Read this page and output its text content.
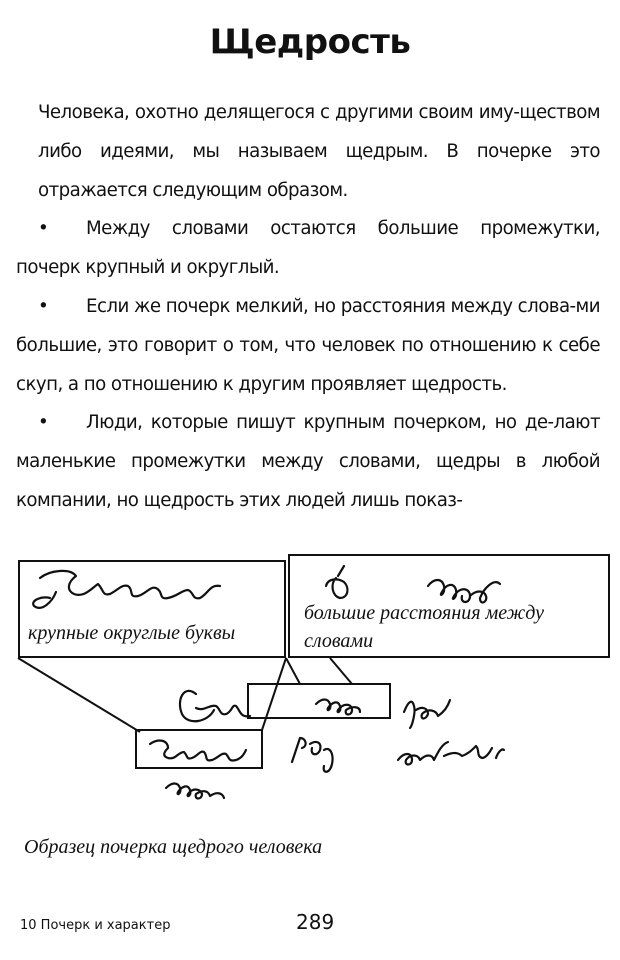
Щедрость

Человека, охотно делящегося с другими своим иму-ществом либо идеями, мы называем щедрым. В почерке это отражается следующим образом.

• Между словами остаются большие промежутки, почерк крупный и округлый.

• Если же почерк мелкий, но расстояния между слова-ми большие, это говорит о том, что человек по отношению к себе скуп, а по отношению к другим проявляет щедрость.

• Люди, которые пишут крупным почерком, но де-лают маленькие промежутки между словами, щедры в любой компании, но щедрость этих людей лишь показ-

крупные округлые буквы
большие расстояния между
словами
Образец почерка щедрого человека
10 Почерк и характер	289
